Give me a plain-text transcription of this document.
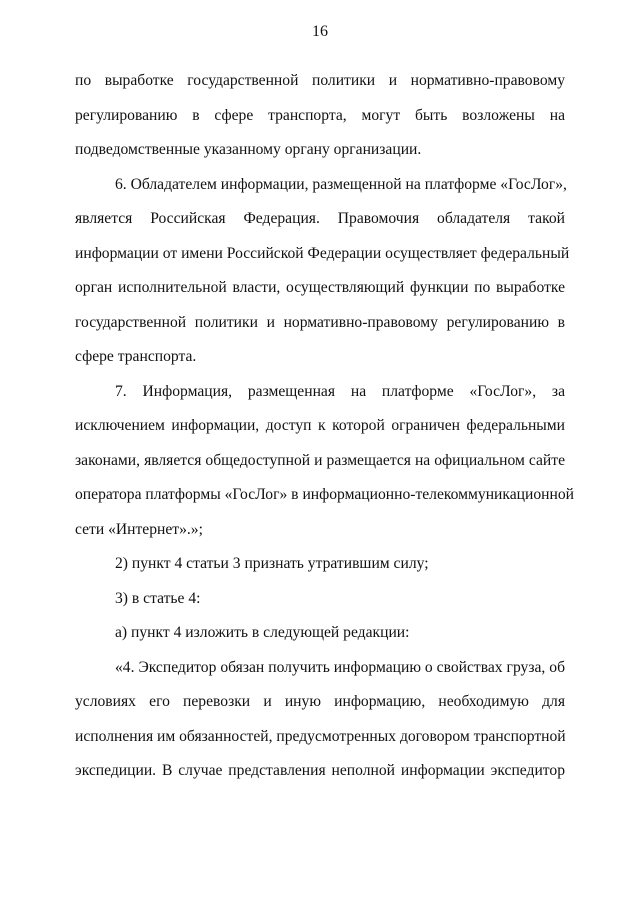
16
по выработке государственной политики и нормативно-правовому
регулированию в сфере транспорта, могут быть возложены на
подведомственные указанному органу организации.
6. Обладателем информации, размещенной на платформе «ГосЛог»,
является Российская Федерация. Правомочия обладателя такой
информации от имени Российской Федерации осуществляет федеральный
орган исполнительной власти, осуществляющий функции по выработке
государственной политики и нормативно-правовому регулированию в
сфере транспорта.
7. Информация, размещенная на платформе «ГосЛог», за
исключением информации, доступ к которой ограничен федеральными
законами, является общедоступной и размещается на официальном сайте
оператора платформы «ГосЛог» в информационно-телекоммуникационной
сети «Интернет».»;
2) пункт 4 статьи 3 признать утратившим силу;
3) в статье 4:
а) пункт 4 изложить в следующей редакции:
«4. Экспедитор обязан получить информацию о свойствах груза, об
условиях его перевозки и иную информацию, необходимую для
исполнения им обязанностей, предусмотренных договором транспортной
экспедиции. В случае представления неполной информации экспедитор
